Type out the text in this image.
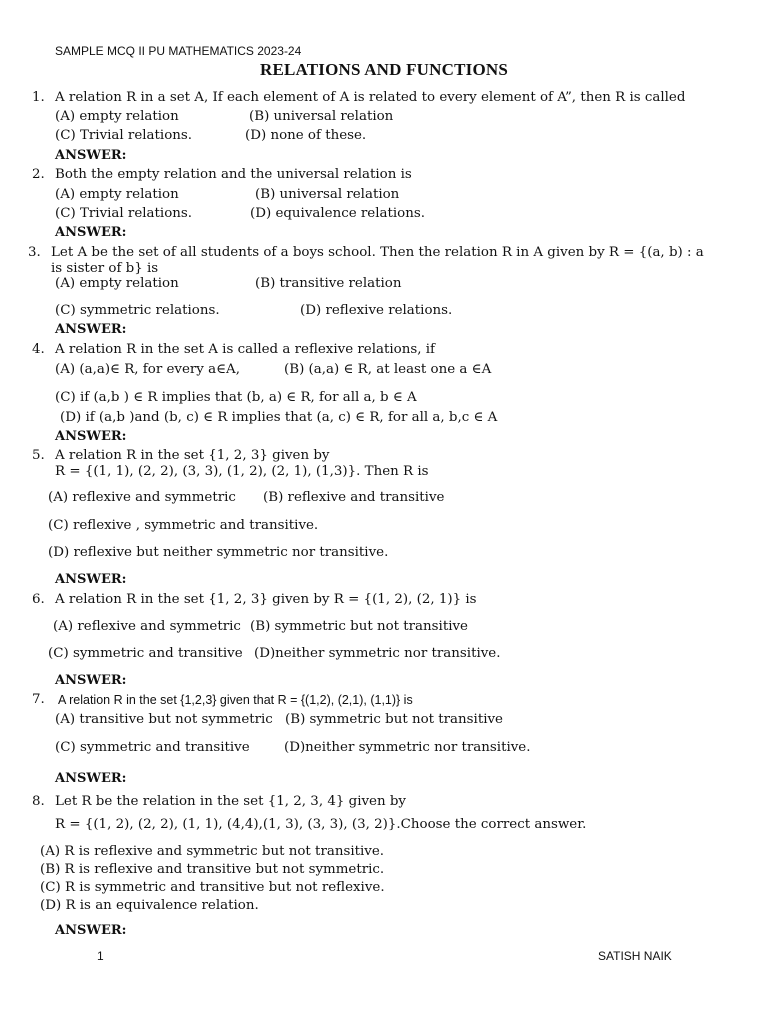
SAMPLE MCQ II PU MATHEMATICS 2023-24
RELATIONS AND FUNCTIONS
1. A relation R in a set A, If each element of A is related to every element of A”, then R is called
(A) empty relation	(B) universal relation
(C) Trivial relations.	(D) none of these.
ANSWER:
2. Both the empty relation and the universal relation is
(A) empty relation	(B) universal relation
(C) Trivial relations.	(D) equivalence relations.
ANSWER:
3. Let A be the set of all students of a boys school. Then the relation R in A given by R = {(a, b) : a
is sister of b} is
(A) empty relation	(B) transitive relation
(C) symmetric relations.	(D) reflexive relations.
ANSWER:
4. A relation R in the set A is called a reflexive relations, if
(A) (a,a)∈ R, for every a∈A,	(B) (a,a) ∈ R, at least one a ∈A
(C) if (a,b ) ∈ R implies that (b, a) ∈ R, for all a, b ∈ A
(D) if (a,b )and (b, c) ∈ R implies that (a, c) ∈ R, for all a, b,c ∈ A
ANSWER:
5. A relation R in the set {1, 2, 3} given by
R = {(1, 1), (2, 2), (3, 3), (1, 2), (2, 1), (1,3)}. Then R is
(A) reflexive and symmetric (B) reflexive and transitive
(C) reflexive , symmetric and transitive.
(D) reflexive but neither symmetric nor transitive.
ANSWER:
6. A relation R in the set {1, 2, 3} given by R = {(1, 2), (2, 1)} is
(A) reflexive and symmetric (B) symmetric but not transitive
(C) symmetric and transitive (D)neither symmetric nor transitive.
ANSWER:
7. A relation R in the set {1,2,3} given that R = {(1,2), (2,1), (1,1)} is
(A) transitive but not symmetric (B) symmetric but not transitive
(C) symmetric and transitive	(D)neither symmetric nor transitive.
ANSWER:
8. Let R be the relation in the set {1, 2, 3, 4} given by
R = {(1, 2), (2, 2), (1, 1), (4,4),(1, 3), (3, 3), (3, 2)}.Choose the correct answer.
(A) R is reflexive and symmetric but not transitive.
(B) R is reflexive and transitive but not symmetric.
(C) R is symmetric and transitive but not reflexive.
(D) R is an equivalence relation.
ANSWER:
1	SATISH NAIK
